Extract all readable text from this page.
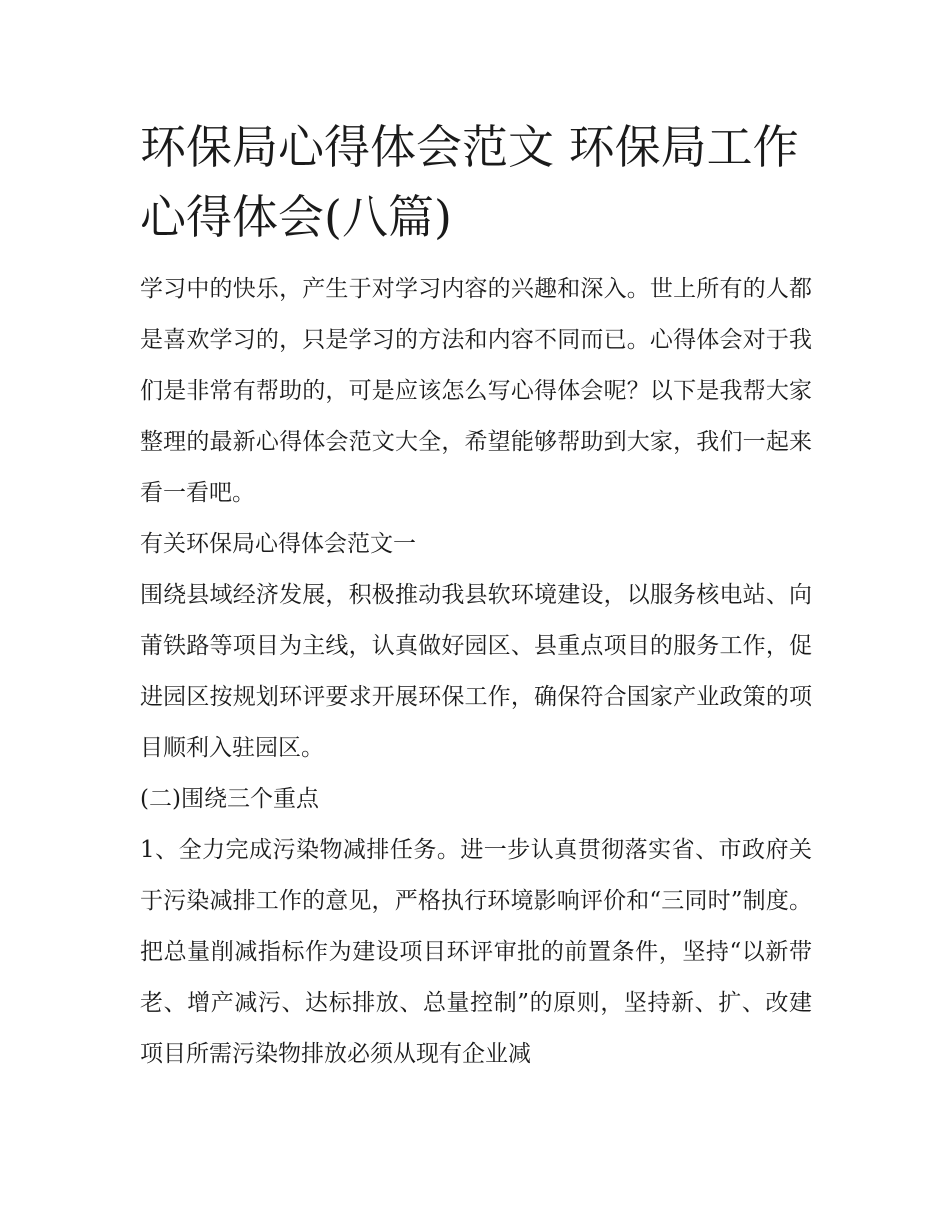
环保局心得体会范文 环保局工作心得体会(八篇)

学习中的快乐，产生于对学习内容的兴趣和深入。世上所有的人都是喜欢学习的，只是学习的方法和内容不同而已。心得体会对于我们是非常有帮助的，可是应该怎么写心得体会呢？以下是我帮大家整理的最新心得体会范文大全，希望能够帮助到大家，我们一起来看一看吧。

有关环保局心得体会范文一

围绕县域经济发展，积极推动我县软环境建设，以服务核电站、向莆铁路等项目为主线，认真做好园区、县重点项目的服务工作，促进园区按规划环评要求开展环保工作，确保符合国家产业政策的项目顺利入驻园区。

(二)围绕三个重点

1、全力完成污染物减排任务。进一步认真贯彻落实省、市政府关于污染减排工作的意见，严格执行环境影响评价和“三同时”制度。把总量削减指标作为建设项目环评审批的前置条件，坚持“以新带老、增产减污、达标排放、总量控制”的原则，坚持新、扩、改建项目所需污染物排放必须从现有企业减
